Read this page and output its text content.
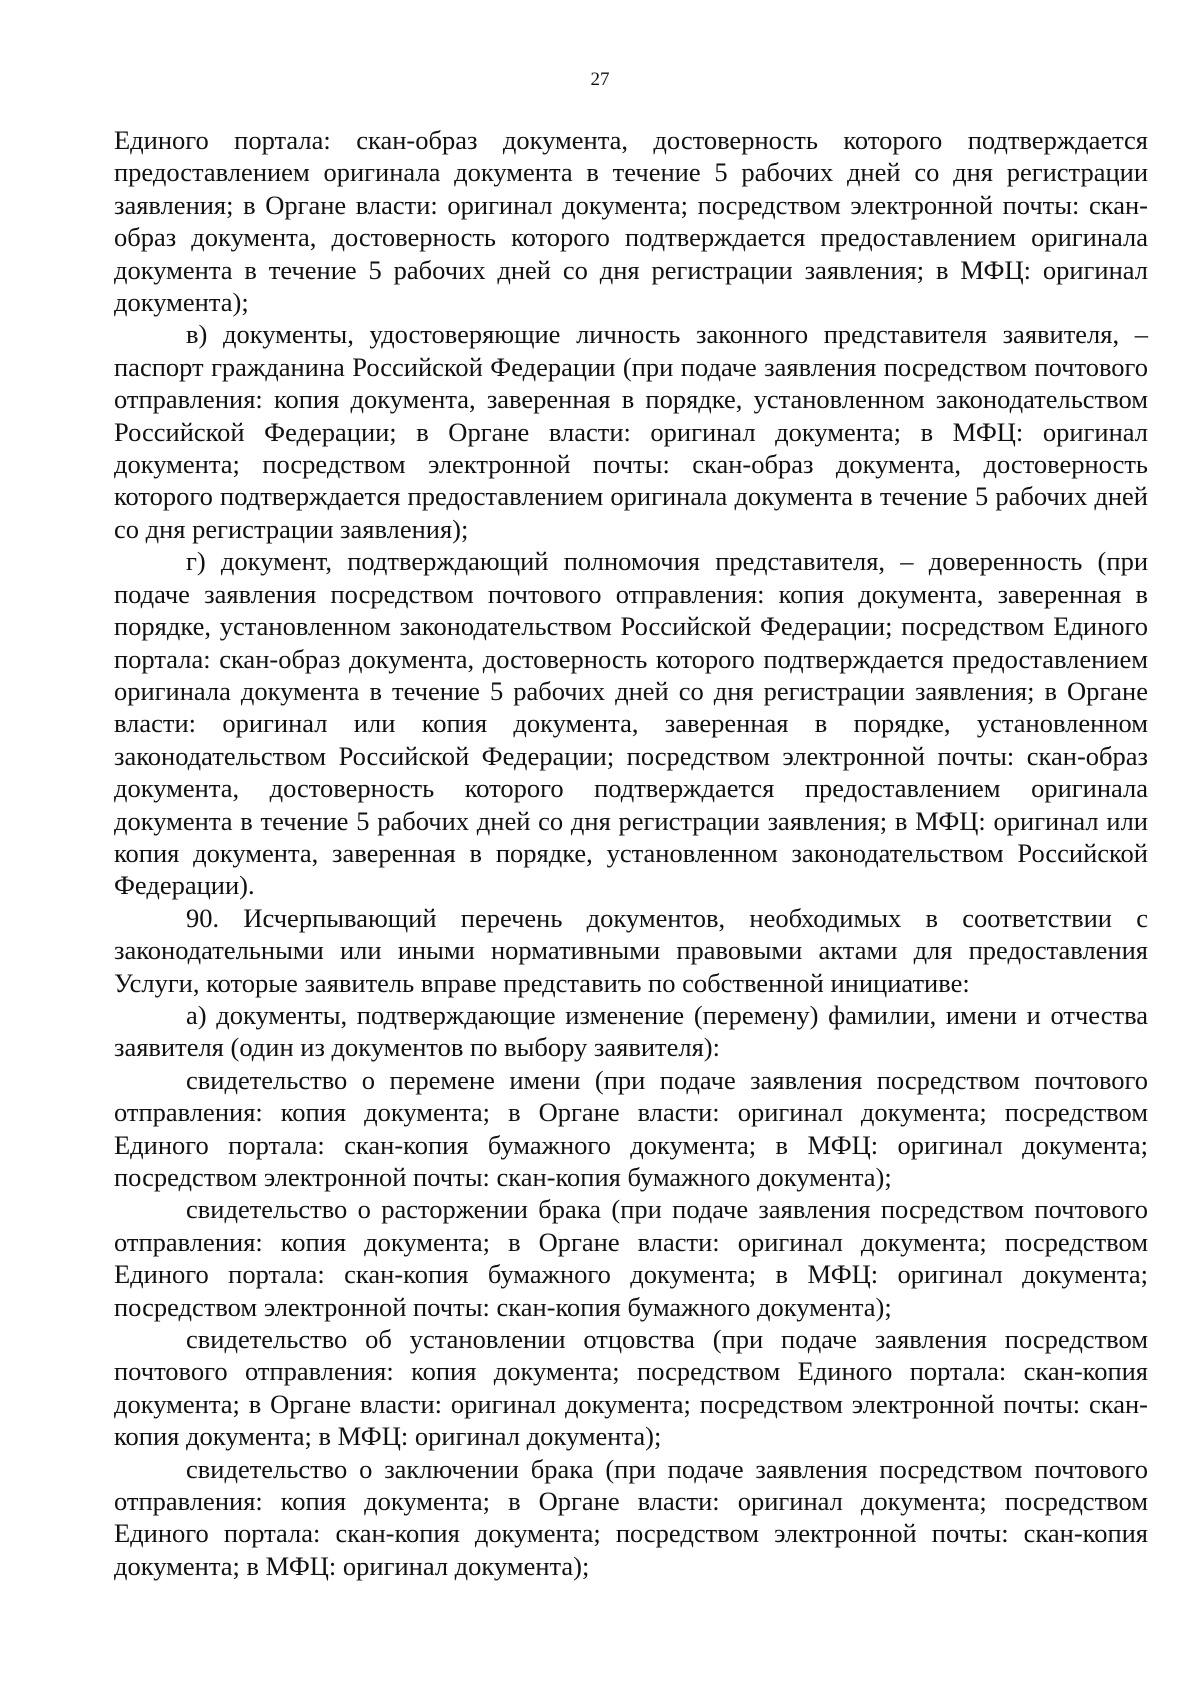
27

Единого портала: скан-образ документа, достоверность которого подтверждается предоставлением оригинала документа в течение 5 рабочих дней со дня регистрации заявления; в Органе власти: оригинал документа; посредством электронной почты: скан-образ документа, достоверность которого подтверждается предоставлением оригинала документа в течение 5 рабочих дней со дня регистрации заявления; в МФЦ: оригинал документа);

в) документы, удостоверяющие личность законного представителя заявителя, – паспорт гражданина Российской Федерации (при подаче заявления посредством почтового отправления: копия документа, заверенная в порядке, установленном законодательством Российской Федерации; в Органе власти: оригинал документа; в МФЦ: оригинал документа; посредством электронной почты: скан-образ документа, достоверность которого подтверждается предоставлением оригинала документа в течение 5 рабочих дней со дня регистрации заявления);

г) документ, подтверждающий полномочия представителя, – доверенность (при подаче заявления посредством почтового отправления: копия документа, заверенная в порядке, установленном законодательством Российской Федерации; посредством Единого портала: скан-образ документа, достоверность которого подтверждается предоставлением оригинала документа в течение 5 рабочих дней со дня регистрации заявления; в Органе власти: оригинал или копия документа, заверенная в порядке, установленном законодательством Российской Федерации; посредством электронной почты: скан-образ документа, достоверность которого подтверждается предоставлением оригинала документа в течение 5 рабочих дней со дня регистрации заявления; в МФЦ: оригинал или копия документа, заверенная в порядке, установленном законодательством Российской Федерации).

90. Исчерпывающий перечень документов, необходимых в соответствии с законодательными или иными нормативными правовыми актами для предоставления Услуги, которые заявитель вправе представить по собственной инициативе:

а) документы, подтверждающие изменение (перемену) фамилии, имени и отчества заявителя (один из документов по выбору заявителя):

свидетельство о перемене имени (при подаче заявления посредством почтового отправления: копия документа; в Органе власти: оригинал документа; посредством Единого портала: скан-копия бумажного документа; в МФЦ: оригинал документа; посредством электронной почты: скан-копия бумажного документа);

свидетельство о расторжении брака (при подаче заявления посредством почтового отправления: копия документа; в Органе власти: оригинал документа; посредством Единого портала: скан-копия бумажного документа; в МФЦ: оригинал документа; посредством электронной почты: скан-копия бумажного документа);

свидетельство об установлении отцовства (при подаче заявления посредством почтового отправления: копия документа; посредством Единого портала: скан-копия документа; в Органе власти: оригинал документа; посредством электронной почты: скан-копия документа; в МФЦ: оригинал документа);

свидетельство о заключении брака (при подаче заявления посредством почтового отправления: копия документа; в Органе власти: оригинал документа; посредством Единого портала: скан-копия документа; посредством электронной почты: скан-копия документа; в МФЦ: оригинал документа);
